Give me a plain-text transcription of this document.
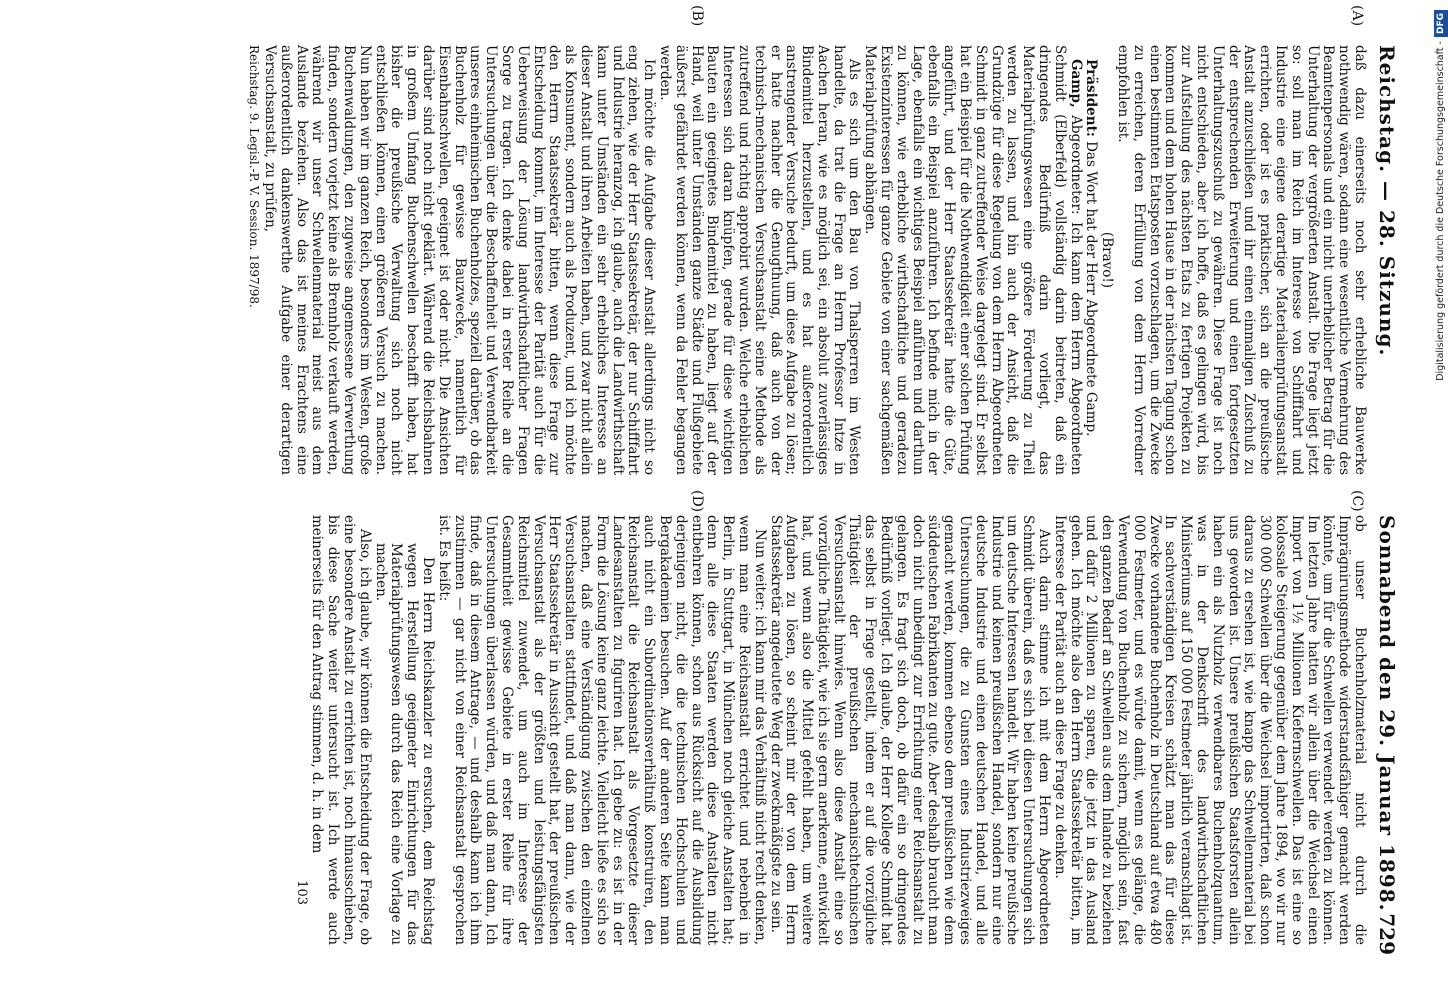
Reichstag. — 28. Sitzung.
Sonnabend den 29. Januar 1898.
729

daß dazu einerseits noch sehr erhebliche Bauwerke nothwendig wären, sodann eine wesentliche Vermehrung des Beamtenpersonals und ein nicht unerheblicher Betrag für die Unterhaltung der vergrößerten Anstalt. Die Frage liegt jetzt so: soll man im Reich im Interesse von Schifffahrt und Industrie eine eigene derartige Materialienprüfungsanstalt errichten, oder ist es praktischer, sich an die preußische Anstalt anzuschließen und ihr einen einmaligen Zuschuß zu der entsprechenden Erweiterung und einen fortgesetzten Unterhaltungszuschuß zu gewähren. Diese Frage ist noch nicht entschieden, aber ich hoffe, daß es gelingen wird, bis zur Aufstellung des nächsten Etats zu fertigen Projekten zu kommen und dem hohen Hause in der nächsten Tagung schon einen bestimmten Etatsposten vorzuschlagen, um die Zwecke zu erreichen, deren Erfüllung von dem Herrn Vorredner empfohlen ist.

(Bravo!)

Präsident: Das Wort hat der Herr Abgeordnete Gamp.

Gamp, Abgeordneter: Ich kann dem Herrn Abgeordneten Schmidt (Elberfeld) vollständig darin beitreten, daß ein dringendes Bedürfniß darin vorliegt, das Materialprüfungswesen eine größere Förderung zu Theil werden zu lassen, und bin auch der Ansicht, daß die Grundzüge für diese Regelung von dem Herrn Abgeordneten Schmidt in ganz zutreffender Weise dargelegt sind. Er selbst hat ein Beispiel für die Nothwendigkeit einer solchen Prüfung angeführt, und der Herr Staatssekretär hatte die Güte, ebenfalls ein Beispiel anzuführen. Ich befinde mich in der Lage, ebenfalls ein wichtiges Beispiel anführen und darthun zu können, wie erhebliche wirthschaftliche und geradezu Existenzinteressen für ganze Gebiete von einer sachgemäßen Materialprüfung abhängen.

Als es sich um den Bau von Thalsperren im Westen handelte, da trat die Frage an Herrn Professor Intze in Aachen heran, wie es möglich sei, ein absolut zuverlässiges Bindemittel herzustellen, und es hat außerordentlich anstrengender Versuche bedurft, um diese Aufgabe zu lösen; er hatte nachher die Genugthuung, daß auch von der technisch-mechanischen Versuchsanstalt seine Methode als zutreffend und richtig approbirt wurden. Welche erheblichen Interessen sich daran knüpfen, gerade für diese wichtigen Bauten ein geeignetes Bindemittel zu haben, liegt auf der Hand, weil unter Umständen ganze Städte und Flußgebiete äußerst gefährdet werden können, wenn da Fehler begangen werden.

Ich möchte die Aufgabe dieser Anstalt allerdings nicht so eng ziehen, wie der Herr Staatssekretär, der nur Schifffahrt und Industrie heranzog, ich glaube, auch die Landwirthschaft kann unter Umständen ein sehr erhebliches Interesse an dieser Anstalt und ihren Arbeiten haben, und zwar nicht allein als Konsument, sondern auch als Produzent, und ich möchte den Herrn Staatssekretär bitten, wenn diese Frage zur Entscheidung kommt, im Interesse der Parität auch für die Ueberweisung der Lösung landwirthschaftlicher Fragen Sorge zu tragen. Ich denke dabei in erster Reihe an die Untersuchungen über die Beschaffenheit und Verwendbarkeit unseres einheimischen Buchenholzes, speziell darüber, ob das Buchenholz für gewisse Bauzwecke, namentlich für Eisenbahnschwellen, geeignet ist oder nicht. Die Ansichten darüber sind noch nicht geklärt. Während die Reichsbahnen in großem Umfang Buchenschwellen beschafft haben, hat bisher die preußische Verwaltung sich noch nicht entschließen können, einen größeren Versuch zu machen. Nun haben wir im ganzen Reich, besonders im Westen, große Buchenwaldungen, den zugweise angemessene Verwerthung finden, sondern vorjetzt keine als Brennholz verkauft werden, während wir unser Schwellenmaterial meist aus dem Auslande beziehen. Also das ist meines Erachtens eine außerordentlich dankenswerthe Aufgabe einer derartigen Versuchsanstalt, zu prüfen,

Reichstag. 9. Legisl.-P. V. Session. 1897/98.

ob unser Buchenholzmaterial nicht durch die Imprägnirungsmethode widerstandsfähiger gemacht werden könnte, um für die Schwellen verwendet werden zu können. Im letzten Jahre hatten wir allein über die Weichsel einen Import von 1½ Millionen Kiefernschwellen. Das ist eine so kolossale Steigerung gegenüber dem Jahre 1894, wo wir nur 300 000 Schwellen über die Weichsel importirten, daß schon daraus zu ersehen ist, wie knapp das Schwellenmaterial bei uns geworden ist. Unsere preußischen Staatsforsten allein haben ein als Nutzholz verwendbares Buchenholzquantum, was in der Denkschrift des landwirthschaftlichen Ministeriums auf 150 000 Festmeter jährlich veranschlagt ist. In sachverständigen Kreisen schätzt man das für diese Zwecke vorhandene Buchenholz in Deutschland auf etwa 480 000 Festmeter, und es würde damit, wenn es gelänge, die Verwendung von Buchenholz zu sichern, möglich sein, fast den ganzen Bedarf an Schwellen aus dem Inlande zu beziehen und dafür 2 Millionen zu sparen, die jetzt in das Ausland gehen. Ich möchte also den Herrn Staatssekretär bitten, im Interesse der Parität auch an diese Frage zu denken.

Auch darin stimme ich mit dem Herrn Abgeordneten Schmidt überein, daß es sich bei diesen Untersuchungen sich um deutsche Interessen handelt. Wir haben keine preußische Industrie und keinen preußischen Handel, sondern nur eine deutsche Industrie und einen deutschen Handel, und alle Untersuchungen, die zu Gunsten eines Industriezweiges gemacht werden, kommen ebenso dem preußischen wie dem süddeutschen Fabrikanten zu gute. Aber deshalb braucht man doch nicht unbedingt zur Errichtung einer Reichsanstalt zu gelangen. Es fragt sich doch, ob dafür ein so dringendes Bedürfniß vorliegt. Ich glaube, der Herr Kollege Schmidt hat das selbst in Frage gestellt, indem er auf die vorzügliche Thätigkeit der preußischen mechanischtechnischen Versuchsanstalt hinwies. Wenn also diese Anstalt eine so vorzügliche Thätigkeit, wie ich sie gern anerkenne, entwickelt hat, und wenn also die Mittel gefehlt haben, um weitere Aufgaben zu lösen, so scheint mir der von dem Herrn Staatssekretär angedeutete Weg der zweckmäßigste zu sein.

Nun weiter: ich kann mir das Verhältniß nicht recht denken, wenn man eine Reichsanstalt errichtet und nebenbei in Berlin, in Stuttgart, in München noch gleiche Anstalten hat; denn alle diese Staaten werden diese Anstalten nicht entbehren können, schon aus Rücksicht auf die Ausbildung derjenigen nicht, die die technischen Hochschulen und Bergakademien besuchen. Auf der anderen Seite kann man auch nicht ein Subordinationsverhältniß konstruiren, den Reichsanstalt die Reichsanstalt als Vorgesetzte dieser Landesanstalten zu figuriren hat. Ich gebe zu: es ist in der Form die Lösung keine ganz leichte. Vielleicht ließe es sich so machen, daß eine Verständigung zwischen den einzelnen Versuchsanstalten stattfindet, und daß man dann, wie der Herr Staatssekretär in Aussicht gestellt hat, der preußischen Versuchsanstalt als der größten und leistungsfähigsten Reichsmittel zuwendet, um auch im Interesse der Gesammtheit gewisse Gebiete in erster Reihe für ihre Untersuchungen überlassen würden, und daß man dann, Ich finde, daß in diesem Antrage, — und deshalb kann ich ihm zustimmen — gar nicht von einer Reichsanstalt gesprochen ist. Es heißt:

Den Herrn Reichskanzler zu ersuchen, dem Reichstag wegen Herstellung geeigneter Einrichtungen für das Materialprüfungswesen durch das Reich eine Vorlage zu machen.

Also, ich glaube, wir können die Entscheidung der Frage, ob eine besondere Anstalt zu errichten ist, noch hinausschieben, bis diese Sache weiter untersucht ist. Ich werde auch meinerseits für den Antrag stimmen, d. h. in dem

103

(A)
(B)
(C)
(D)
Digitalisierung gefördert durch die Deutsche Forschungsgemeinschaft -DFG
